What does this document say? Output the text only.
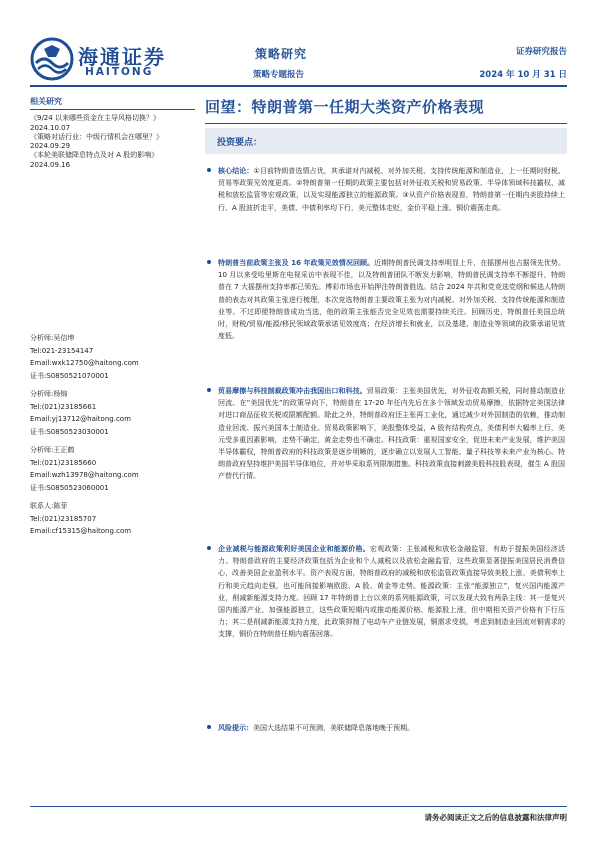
海通证券
HAITONG
策略研究
策略专题报告
证券研究报告
2024 年 10 月 31 日
相关研究
《9/24 以来哪些资金在主导风格切换？》
2024.10.07
《策略对话行业：中级行情机会在哪里？》2024.09.29
《本轮美联储降息特点及对 A 股的影响》
2024.09.16
分析师:吴信坤
Tel:021-23154147
Email:wxk12750@haitong.com
证书:S0850521070001
分析师:杨锦
Tel:(021)23185661
Email:yj13712@haitong.com
证书:S0850523030001
分析师:王正鹤
Tel:(021)23185660
Email:wzh13978@haitong.com
证书:S0850523060001
联系人:陈菲
Tel:(021)23185707
Email:cf15315@haitong.com
回望：特朗普第一任期大类资产价格表现
投资要点：
核心结论：①目前特朗普选情占优，其承诺对内减税、对外加关税、支持传统能源和制造业，上一任期时财税、贸易等政策见效度更高。②特朗普第一任期的政策主要包括对外征收关税和贸易政策、半导体领域科技霸权、减税和放松监管等宏观政策，以及实现能源独立的能源政策。③从资产价格表现看，特朗普第一任期内美股持续上行、A 股波折走平，美债、中债利率均下行，美元整体走贬，金价平稳上涨、铜价震荡走高。
特朗普当前政策主张及 16 年政策见效情况回顾。近期特朗普民调支持率明显上升，在摇摆州也占据领先优势。10 月以来受哈里斯在电视采访中表现不佳，以及特朗普团队不断发力影响，特朗普民调支持率不断提升，特朗普在 7 大摇摆州支持率都已领先。博彩市场也开始押注特朗普胜选。结合 2024 年共和党竞选党纲和候选人特朗普的表态对其政策主张进行梳理，本次竞选特朗普主要政策主张为对内减税、对外加关税、支持传统能源和制造业等。不过即便特朗普成功当选，他的政策主张能否完全见效也需要持续关注。回顾历史，特朗普任美国总统时，财税/贸易/能源/移民领域政策承诺见效度高；在经济增长和就业，以及基建、制造业等领域的政策承诺见效度低。
贸易摩擦与科技制裁政策冲击我国出口和科技。贸易政策：主张美国优先，对外征收高额关税，同时推动制造业回流。在“美国优先”的政策导向下，特朗普在 17-20 年任内先后在多个领域发动贸易摩擦，依据特定美国法律对进口商品征收关税或限额配额。除此之外，特朗普政府还主张再工业化，通过减少对外国制造的依赖，推动制造业回流、振兴美国本土制造业。贸易政策影响下，美股整体受益，A 股有结构亮点，美债利率大幅率上行，美元受多重因素影响，走势不确定，黄金走势也不确定。科技政策：重视国家安全，促进未来产业发展，维护美国半导体霸权，特朗普政府的科技政策是逐步明晰的，逐步确立以发展人工智能、量子科技等未来产业为核心。特朗普政府坚持维护美国半导体地位，并对华采取系列限制措施。科技政策直接刺激美股科技股表现，催生 A 股国产替代行情。
企业减税与能源政策利好美国企业和能源价格。宏观政策：主张减税和放松金融监管，有助于提振美国经济活力。特朗普政府的主要经济政策包括为企业和个人减税以及放松金融监管，这些政策显著提振美国居民消费信心，改善美国企业盈利水平。资产表现方面，特朗普政府的减税和放松监管政策直接导致美股上涨、美债利率上行和美元趋向走强，也可能间接影响欧股、A 股、黄金等走势。能源政策：主张“能源独立”，复兴国内能源产业，削减新能源支持力度。回顾 17 年特朗普上台以来的系列能源政策，可以发现大致有两条主线：其一是复兴国内能源产业、加强能源独立，这些政策短期内或推动能源价格、能源股上涨，但中期相关资产价格有下行压力；其二是削减新能源支持力度，此政策抑制了电动车产业链发展，铜需求受损，考虑到制造业回流对铜需求的支撑，铜价在特朗普任期内震荡回落。
风险提示：美国大选结果不可预测，美联储降息落地晚于预期。
请务必阅读正文之后的信息披露和法律声明
